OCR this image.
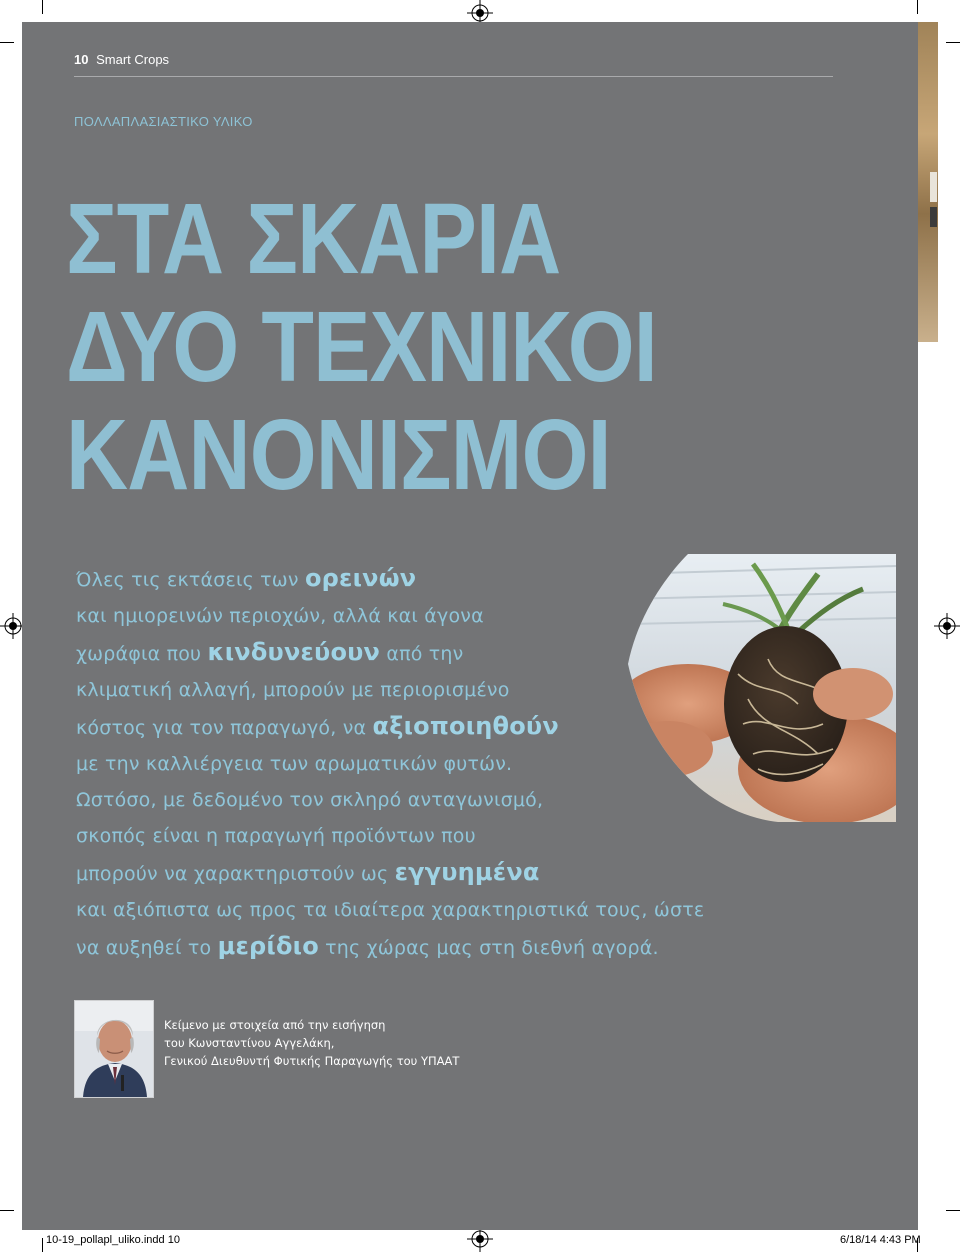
10 Smart Crops
ΠΟΛΛΑΠΛΑΣΙΑΣΤΙΚΟ ΥΛΙΚΟ
ΣΤΑ ΣΚΑΡΙΑ
ΔΥΟ ΤΕΧΝΙΚΟΙ
ΚΑΝΟΝΙΣΜΟΙ
Όλες τις εκτάσεις των ορεινών
και ημιορεινών περιοχών, αλλά και άγονα
χωράφια που κινδυνεύουν από την
κλιματική αλλαγή, μπορούν με περιορισμένο
κόστος για τον παραγωγό, να αξιοποιηθούν
με την καλλιέργεια των αρωματικών φυτών.
Ωστόσο, με δεδομένο τον σκληρό ανταγωνισμό,
σκοπός είναι η παραγωγή προϊόντων που
μπορούν να χαρακτηριστούν ως εγγυημένα
και αξιόπιστα ως προς τα ιδιαίτερα χαρακτηριστικά τους, ώστε
να αυξηθεί το μερίδιο της χώρας μας στη διεθνή αγορά.
Κείμενο με στοιχεία από την εισήγηση
του Κωνσταντίνου Αγγελάκη,
Γενικού Διευθυντή Φυτικής Παραγωγής του ΥΠΑΑΤ
10-19_pollapl_uliko.indd 10	6/18/14 4:43 PM
